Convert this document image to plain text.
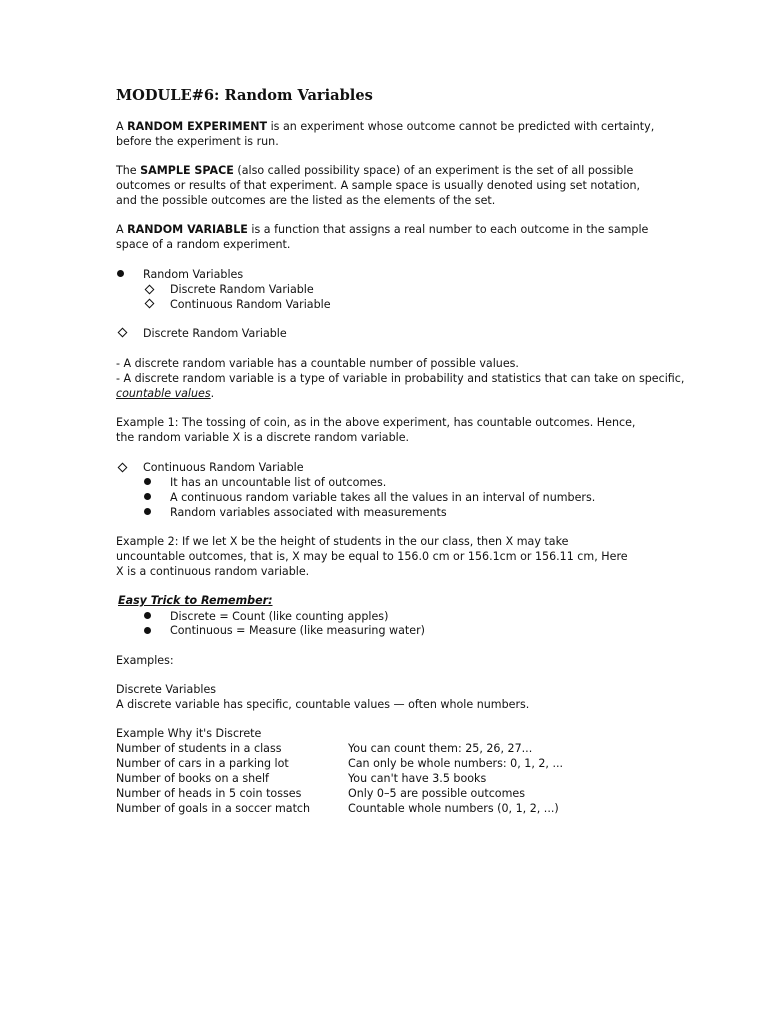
MODULE#6: Random Variables

A RANDOM EXPERIMENT is an experiment whose outcome cannot be predicted with certainty, before the experiment is run.

The SAMPLE SPACE (also called possibility space) of an experiment is the set of all possible outcomes or results of that experiment. A sample space is usually denoted using set notation, and the possible outcomes are the listed as the elements of the set.

A RANDOM VARIABLE is a function that assigns a real number to each outcome in the sample space of a random experiment.

Random Variables
Discrete Random Variable
Continuous Random Variable
Discrete Random Variable
- A discrete random variable has a countable number of possible values.
- A discrete random variable is a type of variable in probability and statistics that can take on specific,
countable values.

Example 1: The tossing of coin, as in the above experiment, has countable outcomes. Hence, the random variable X is a discrete random variable.

Continuous Random Variable
It has an uncountable list of outcomes.
A continuous random variable takes all the values in an interval of numbers.
Random variables associated with measurements

Example 2: If we let X be the height of students in the our class, then X may take uncountable outcomes, that is, X may be equal to 156.0 cm or 156.1cm or 156.11 cm, Here X is a continuous random variable.

Easy Trick to Remember:
Discrete = Count (like counting apples)
Continuous = Measure (like measuring water)
Examples:
Discrete Variables
A discrete variable has specific, countable values — often whole numbers.
Example Why it's Discrete
Number of students in a class	You can count them: 25, 26, 27...
Number of cars in a parking lot	Can only be whole numbers: 0, 1, 2, ...
Number of books on a shelf	You can't have 3.5 books
Number of heads in 5 coin tosses	Only 0–5 are possible outcomes
Number of goals in a soccer match	Countable whole numbers (0, 1, 2, ...)
